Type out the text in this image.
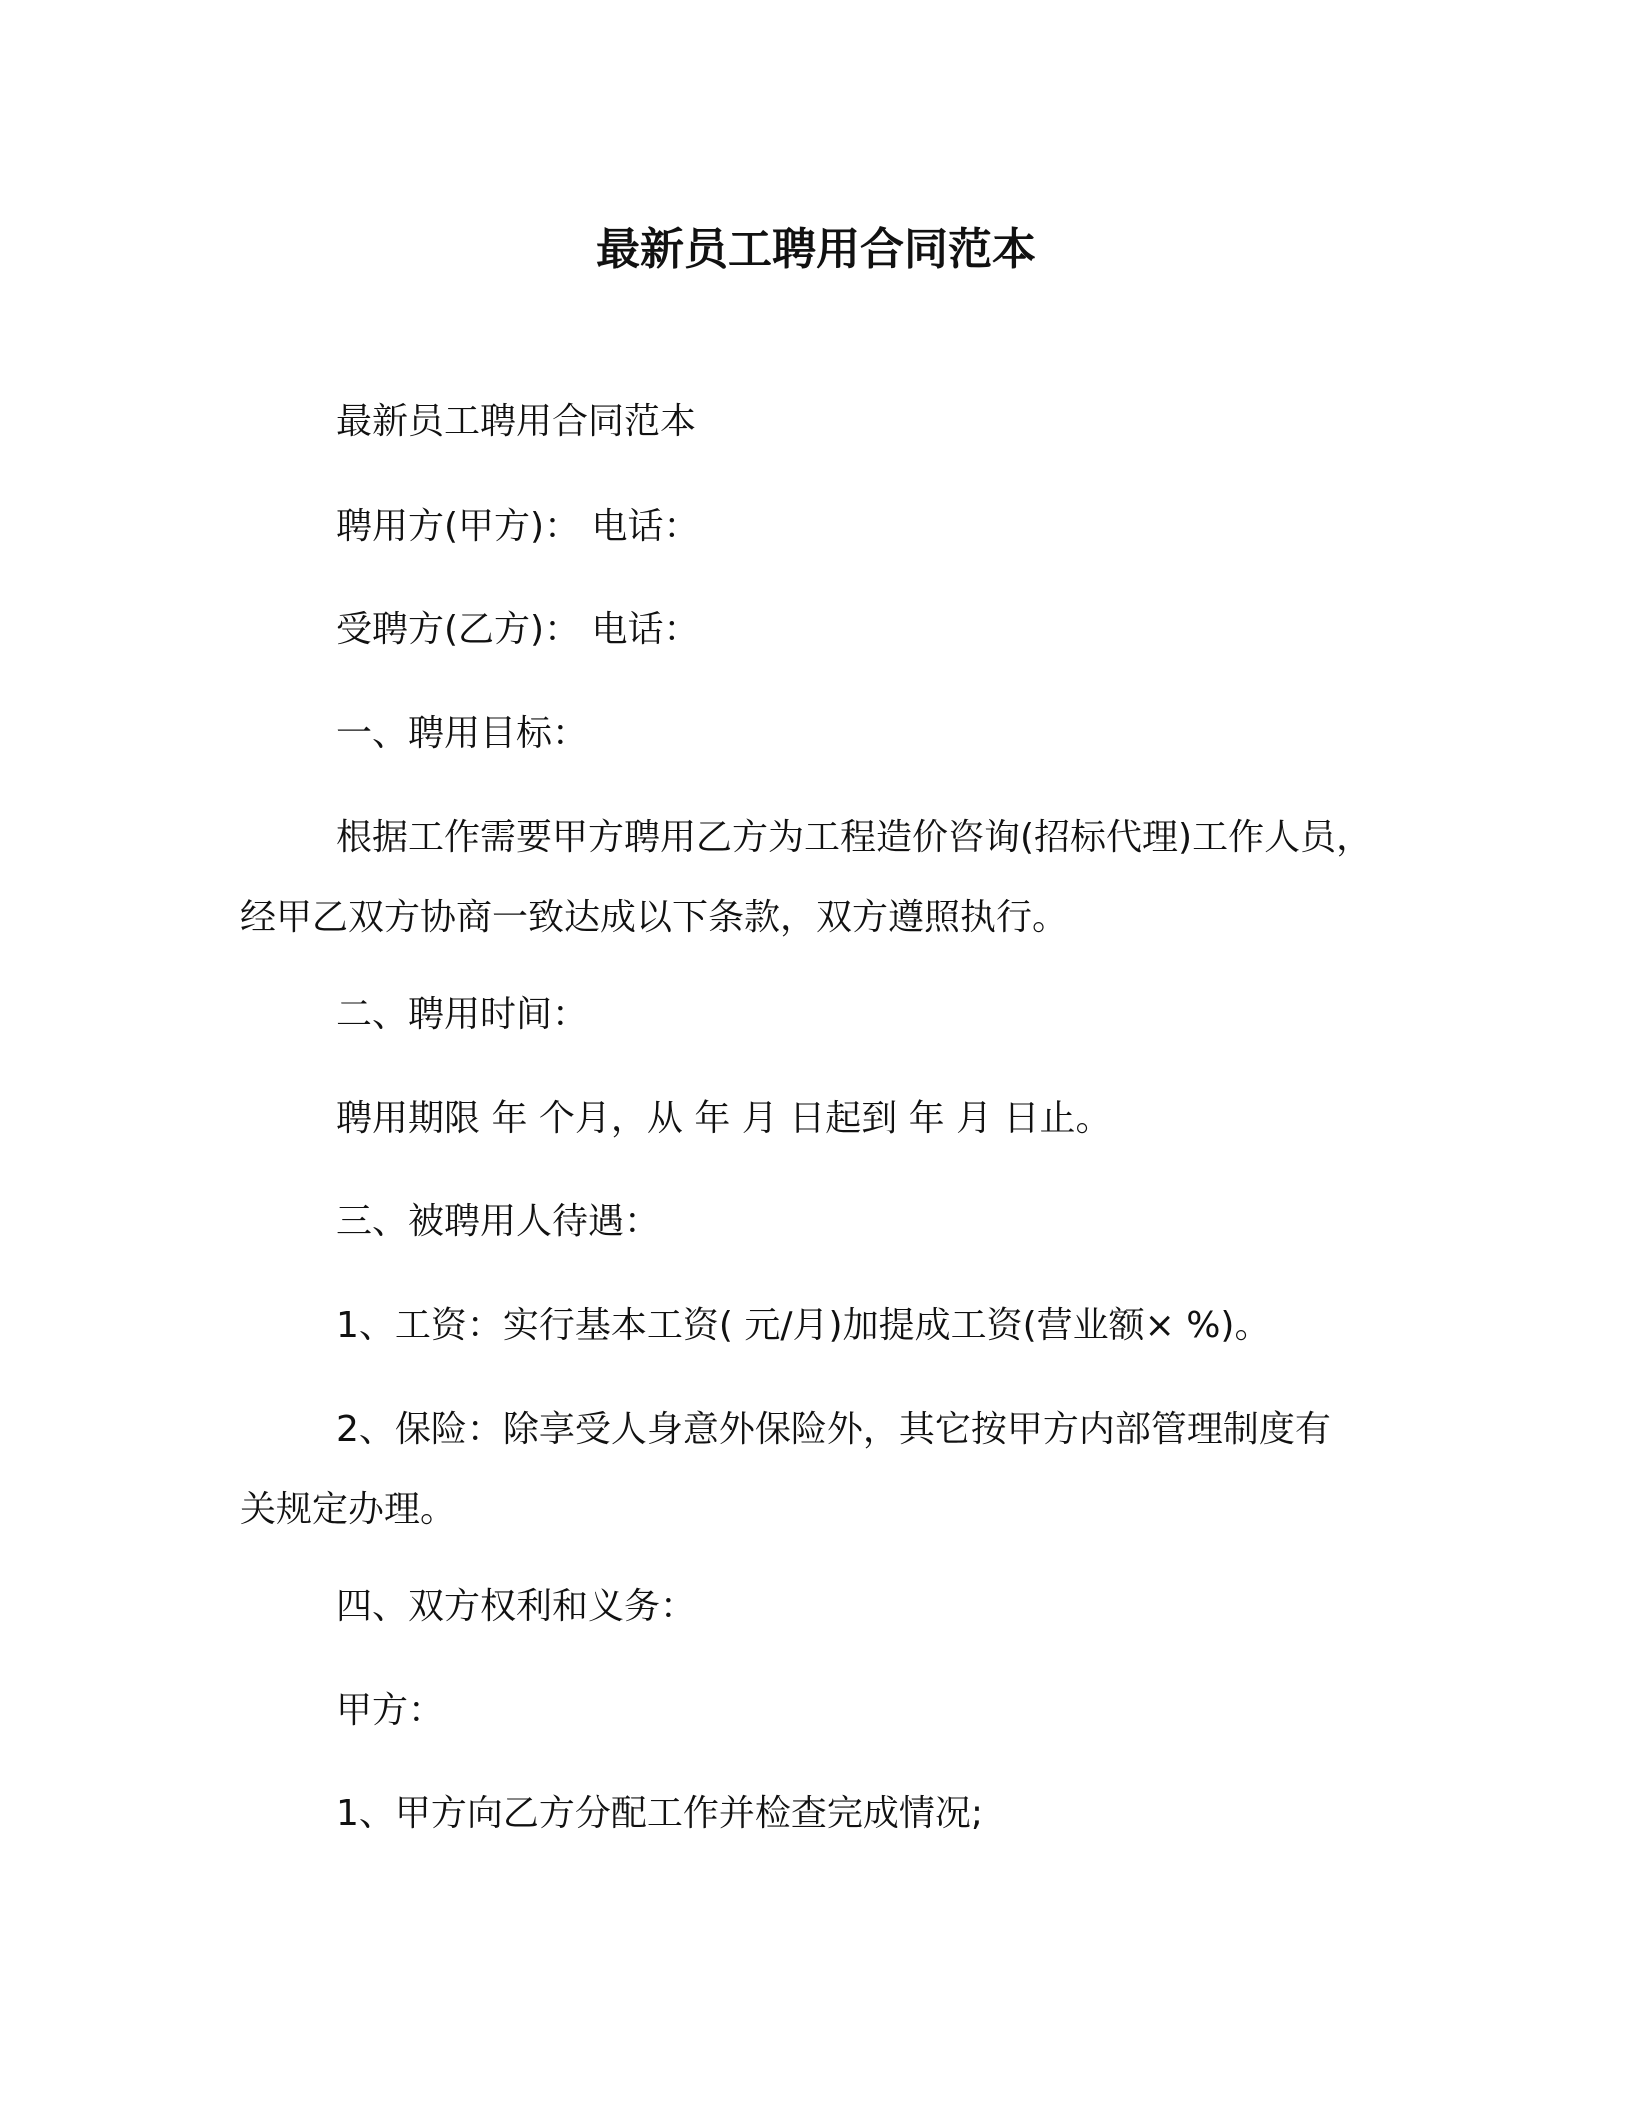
最新员工聘用合同范本
最新员工聘用合同范本
聘用方(甲方)： 电话：
受聘方(乙方)： 电话：
一、聘用目标：
根据工作需要甲方聘用乙方为工程造价咨询(招标代理)工作人员，
经甲乙双方协商一致达成以下条款，双方遵照执行。
二、聘用时间：
聘用期限 年 个月，从 年 月 日起到 年 月 日止。
三、被聘用人待遇：
1、工资：实行基本工资( 元/月)加提成工资(营业额× %)。
2、保险：除享受人身意外保险外，其它按甲方内部管理制度有
关规定办理。
四、双方权利和义务：
甲方：
1、甲方向乙方分配工作并检查完成情况;
